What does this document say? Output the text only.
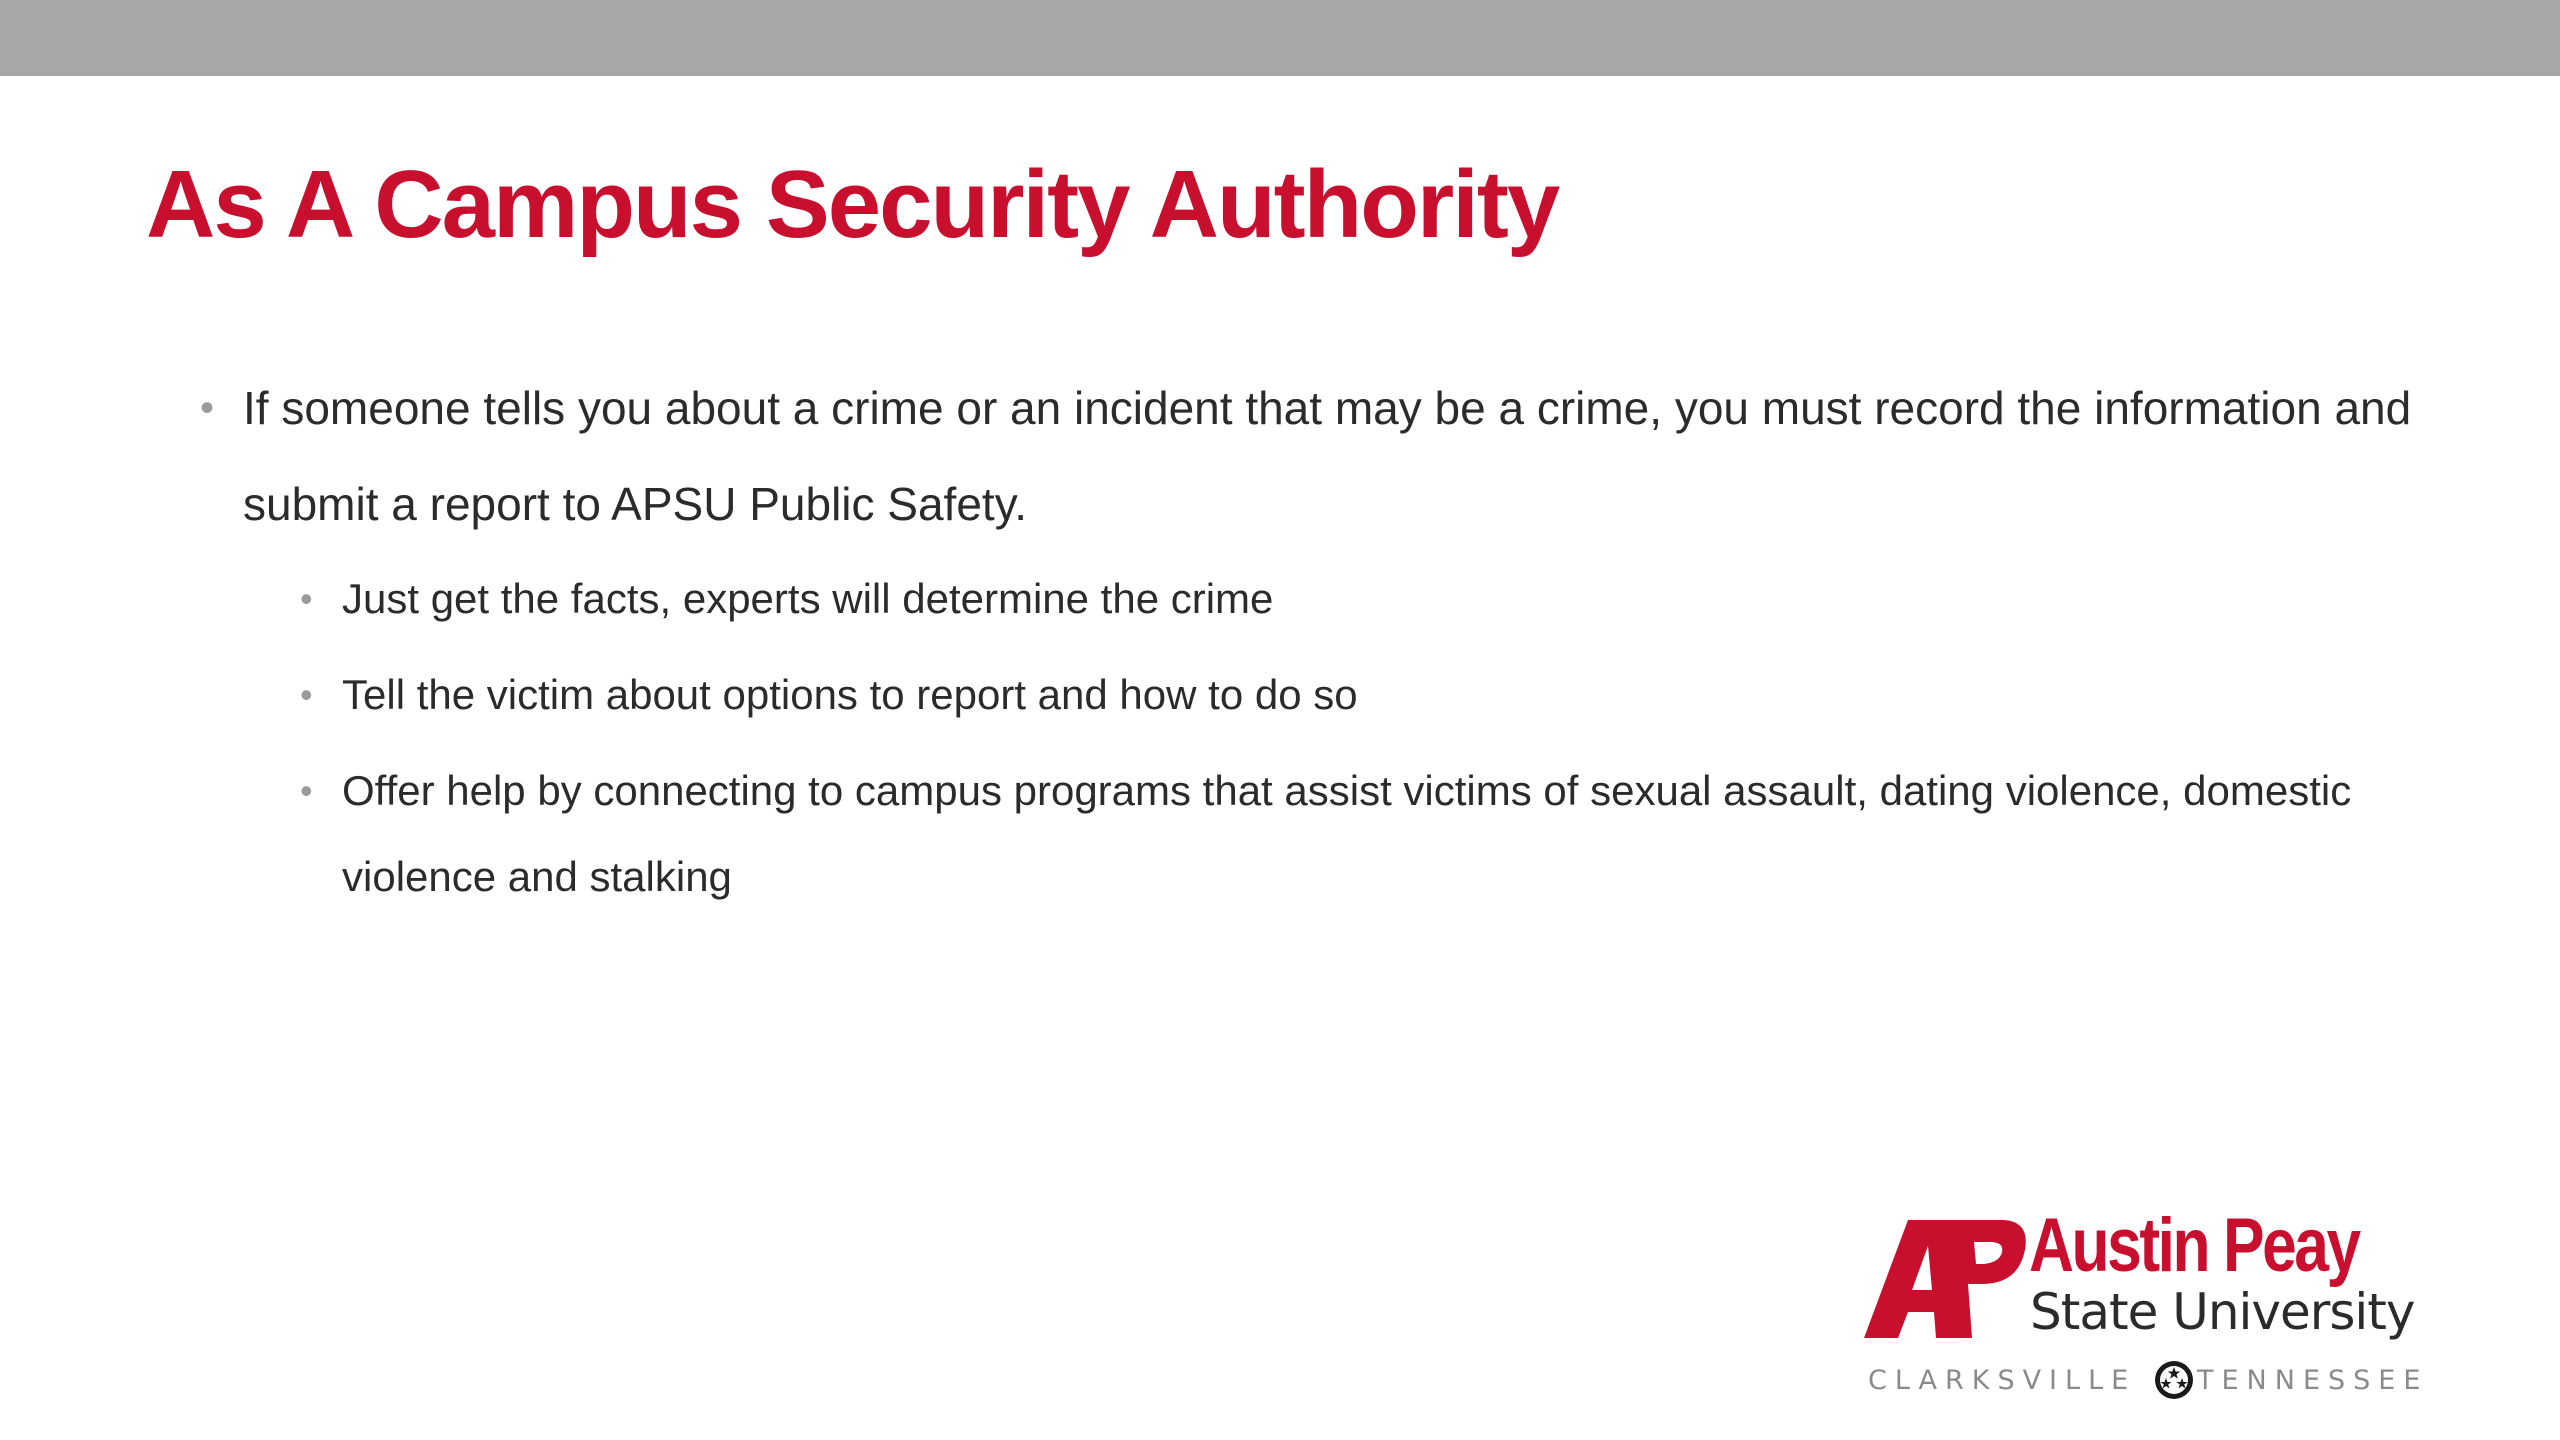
As A Campus Security Authority
• If someone tells you about a crime or an incident that may be a crime, you must record the information and submit a report to APSU Public Safety.
• Just get the facts, experts will determine the crime
• Tell the victim about options to report and how to do so
• Offer help by connecting to campus programs that assist victims of sexual assault, dating violence, domestic violence and stalking
AP Austin Peay
State University
CLARKSVILLE TENNESSEE
